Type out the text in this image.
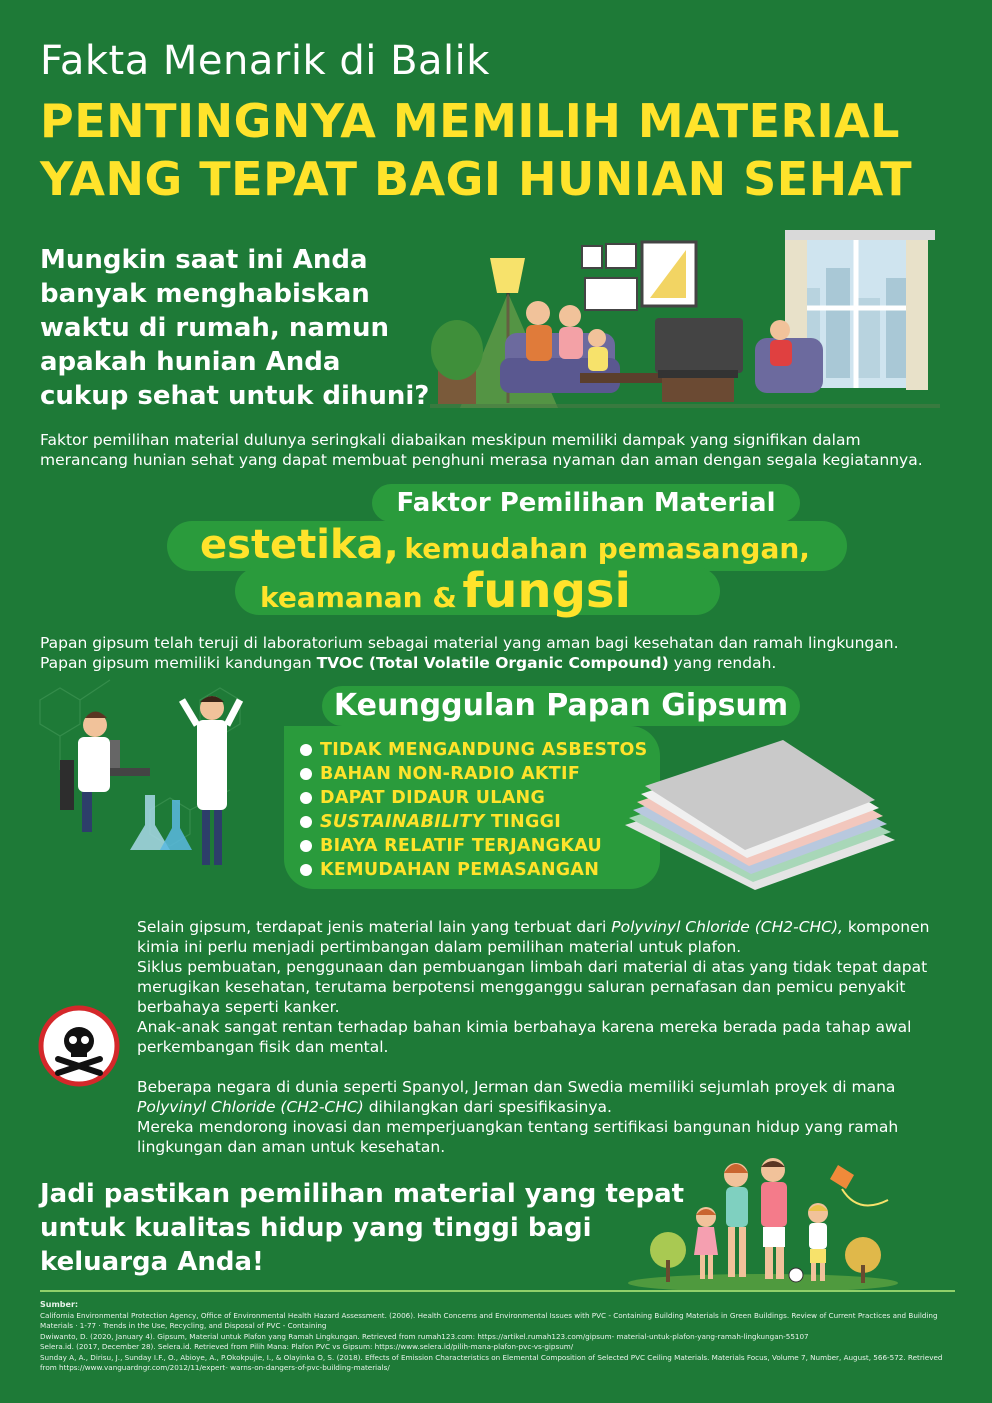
Fakta Menarik di Balik
PENTINGNYA MEMILIH MATERIAL
YANG TEPAT BAGI HUNIAN SEHAT
Mungkin saat ini Anda
banyak menghabiskan
waktu di rumah, namun
apakah hunian Anda
cukup sehat untuk dihuni?
Faktor pemilihan material dulunya seringkali diabaikan meskipun memiliki dampak yang signifikan dalam merancang hunian sehat yang dapat membuat penghuni merasa nyaman dan aman dengan segala kegiatannya.
Faktor Pemilihan Material
estetika, kemudahan pemasangan,
keamanan & fungsi
Papan gipsum telah teruji di laboratorium sebagai material yang aman bagi kesehatan dan ramah lingkungan.
Papan gipsum memiliki kandungan TVOC (Total Volatile Organic Compound) yang rendah.
Keunggulan Papan Gipsum
TIDAK MENGANDUNG ASBESTOS
BAHAN NON-RADIO AKTIF
DAPAT DIDAUR ULANG
SUSTAINABILITY TINGGI
BIAYA RELATIF TERJANGKAU
KEMUDAHAN PEMASANGAN

Selain gipsum, terdapat jenis material lain yang terbuat dari Polyvinyl Chloride (CH2-CHC), komponen kimia ini perlu menjadi pertimbangan dalam pemilihan material untuk plafon.

Siklus pembuatan, penggunaan dan pembuangan limbah dari material di atas yang tidak tepat dapat merugikan kesehatan, terutama berpotensi mengganggu saluran pernafasan dan pemicu penyakit berbahaya seperti kanker.

Anak-anak sangat rentan terhadap bahan kimia berbahaya karena mereka berada pada tahap awal perkembangan fisik dan mental.

Beberapa negara di dunia seperti Spanyol, Jerman dan Swedia memiliki sejumlah proyek di mana Polyvinyl Chloride (CH2-CHC) dihilangkan dari spesifikasinya.

Mereka mendorong inovasi dan memperjuangkan tentang sertifikasi bangunan hidup yang ramah lingkungan dan aman untuk kesehatan.

Jadi pastikan pemilihan material yang tepat
untuk kualitas hidup yang tinggi bagi
keluarga Anda!
Sumber:
California Environmental Protection Agency, Office of Environmental Health Hazard Assessment. (2006). Health Concerns and Environmental Issues with PVC - Containing Building Materials in Green Buildings. Review of Current Practices and Building Materials · 1-77 · Trends in the Use, Recycling, and Disposal of PVC - Containing
Dwiwanto, D. (2020, January 4). Gipsum, Material untuk Plafon yang Ramah Lingkungan. Retrieved from rumah123.com: https://artikel.rumah123.com/gipsum- material-untuk-plafon-yang-ramah-lingkungan-55107
Selera.id. (2017, December 28). Selera.id. Retrieved from Pilih Mana: Plafon PVC vs Gipsum: https://www.selera.id/pilih-mana-plafon-pvc-vs-gipsum/
Sunday A, A., Dirisu, J., Sunday I.F., O., Abioye, A., P.Okokpujie, I., & Olayinka O, S. (2018). Effects of Emission Characteristics on Elemental Composition of Selected PVC Ceiling Materials. Materials Focus, Volume 7, Number, August, 566-572. Retrieved from https://www.vanguardngr.com/2012/11/expert- warns-on-dangers-of-pvc-building-materials/
